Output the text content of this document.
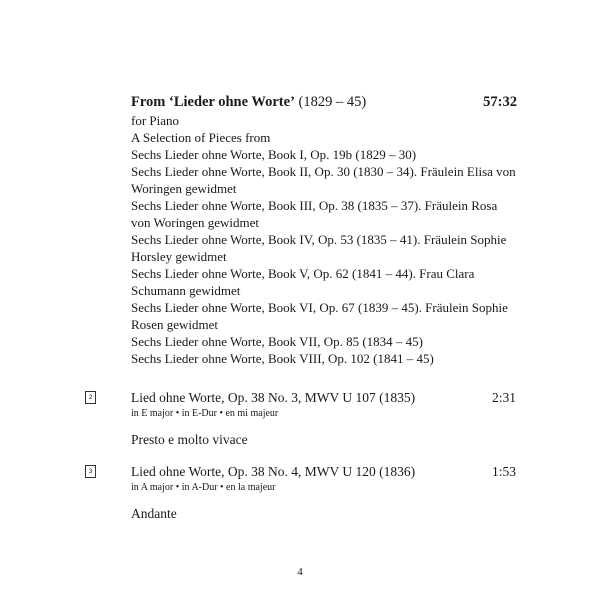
From ‘Lieder ohne Worte’ (1829 – 45)	57:32
for Piano
A Selection of Pieces from
Sechs Lieder ohne Worte, Book I, Op. 19b (1829 – 30)
Sechs Lieder ohne Worte, Book II, Op. 30 (1830 – 34). Fräulein Elisa von
Woringen gewidmet
Sechs Lieder ohne Worte, Book III, Op. 38 (1835 – 37). Fräulein Rosa
von Woringen gewidmet
Sechs Lieder ohne Worte, Book IV, Op. 53 (1835 – 41). Fräulein Sophie
Horsley gewidmet
Sechs Lieder ohne Worte, Book V, Op. 62 (1841 – 44). Frau Clara
Schumann gewidmet
Sechs Lieder ohne Worte, Book VI, Op. 67 (1839 – 45). Fräulein Sophie
Rosen gewidmet
Sechs Lieder ohne Worte, Book VII, Op. 85 (1834 – 45)
Sechs Lieder ohne Worte, Book VIII, Op. 102 (1841 – 45)
2	Lied ohne Worte, Op. 38 No. 3, MWV U 107 (1835)	2:31
in E major • in E-Dur • en mi majeur
Presto e molto vivace
3	Lied ohne Worte, Op. 38 No. 4, MWV U 120 (1836)	1:53
in A major • in A-Dur • en la majeur
Andante
4
